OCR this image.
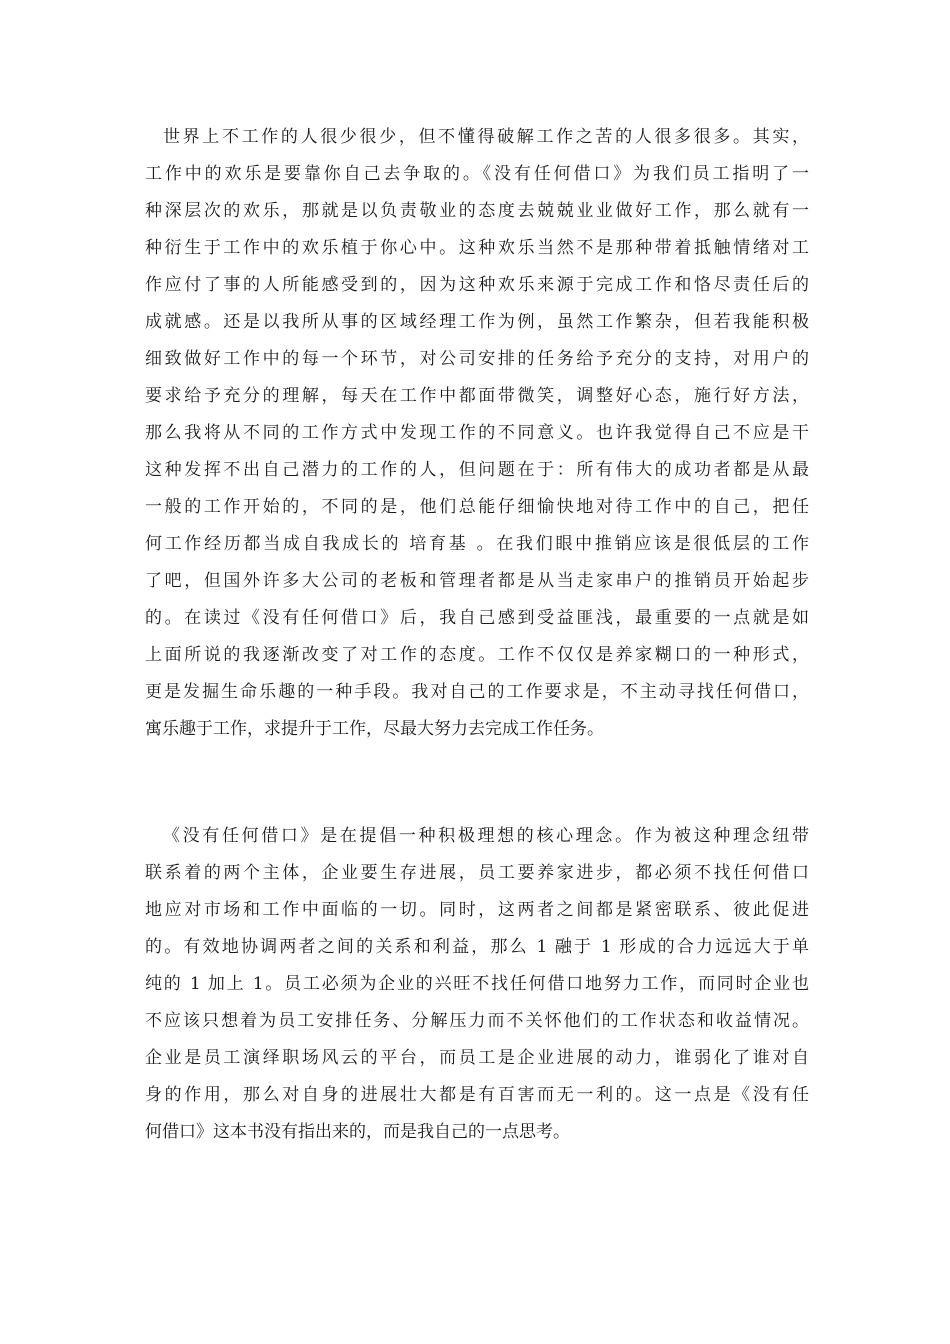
世界上不工作的人很少很少，但不懂得破解工作之苦的人很多很多。其实，
工作中的欢乐是要靠你自己去争取的。《没有任何借口》为我们员工指明了一
种深层次的欢乐，那就是以负责敬业的态度去兢兢业业做好工作，那么就有一
种衍生于工作中的欢乐植于你心中。这种欢乐当然不是那种带着抵触情绪对工
作应付了事的人所能感受到的，因为这种欢乐来源于完成工作和恪尽责任后的
成就感。还是以我所从事的区域经理工作为例，虽然工作繁杂，但若我能积极
细致做好工作中的每一个环节，对公司安排的任务给予充分的支持，对用户的
要求给予充分的理解，每天在工作中都面带微笑，调整好心态，施行好方法，
那么我将从不同的工作方式中发现工作的不同意义。也许我觉得自己不应是干
这种发挥不出自己潜力的工作的人，但问题在于：所有伟大的成功者都是从最
一般的工作开始的，不同的是，他们总能仔细愉快地对待工作中的自己，把任
何工作经历都当成自我成长的 培育基 。在我们眼中推销应该是很低层的工作
了吧，但国外许多大公司的老板和管理者都是从当走家串户的推销员开始起步
的。在读过《没有任何借口》后，我自己感到受益匪浅，最重要的一点就是如
上面所说的我逐渐改变了对工作的态度。工作不仅仅是养家糊口的一种形式，
更是发掘生命乐趣的一种手段。我对自己的工作要求是，不主动寻找任何借口，
寓乐趣于工作，求提升于工作，尽最大努力去完成工作任务。
《没有任何借口》是在提倡一种积极理想的核心理念。作为被这种理念纽带
联系着的两个主体，企业要生存进展，员工要养家进步，都必须不找任何借口
地应对市场和工作中面临的一切。同时，这两者之间都是紧密联系、彼此促进
的。有效地协调两者之间的关系和利益，那么 1 融于 1 形成的合力远远大于单
纯的 1 加上 1。员工必须为企业的兴旺不找任何借口地努力工作，而同时企业也
不应该只想着为员工安排任务、分解压力而不关怀他们的工作状态和收益情况。
企业是员工演绎职场风云的平台，而员工是企业进展的动力，谁弱化了谁对自
身的作用，那么对自身的进展壮大都是有百害而无一利的。这一点是《没有任
何借口》这本书没有指出来的，而是我自己的一点思考。
